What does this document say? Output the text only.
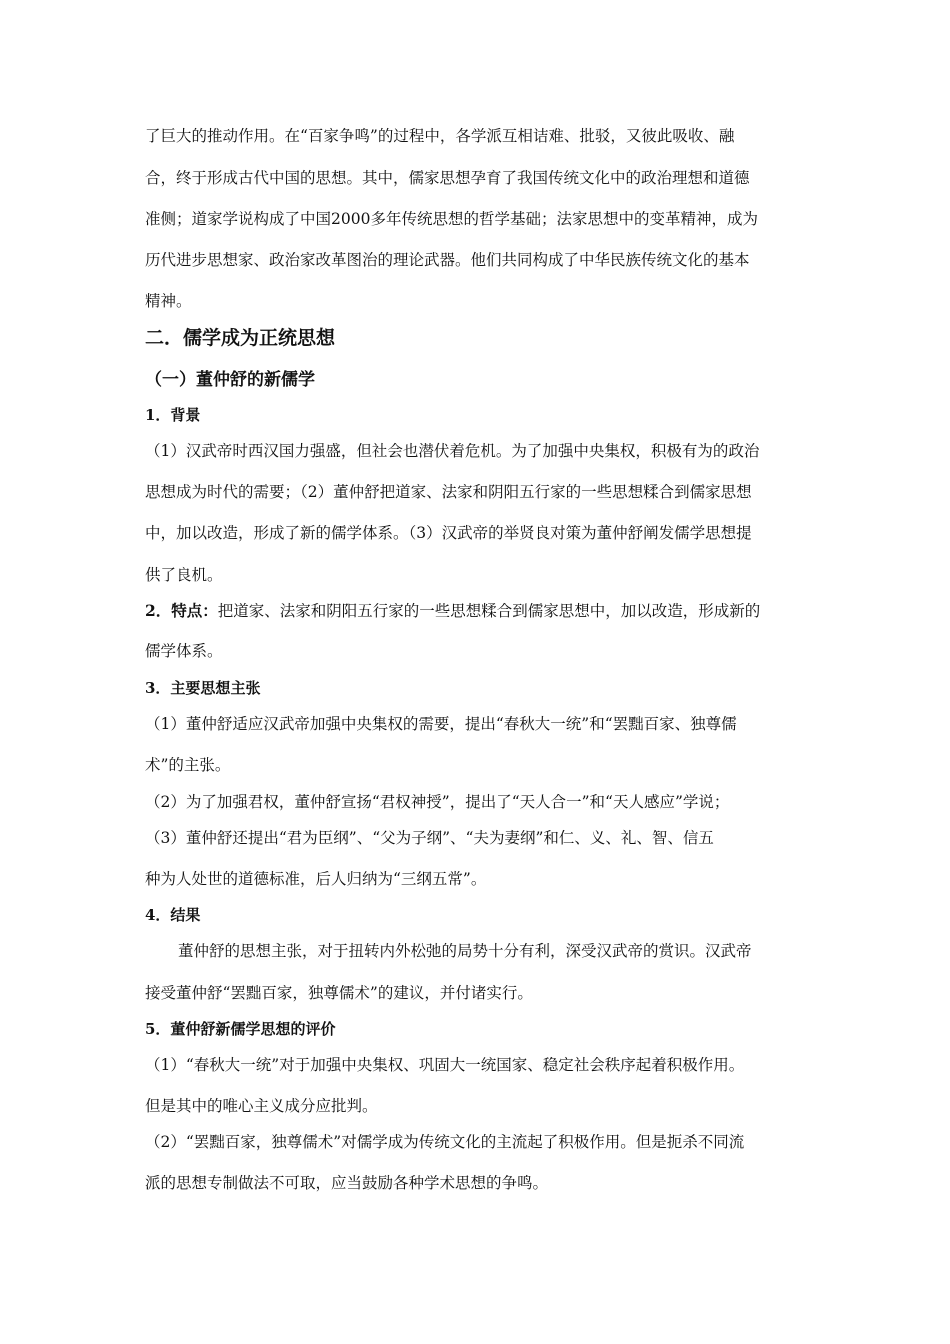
了巨大的推动作用。在“百家争鸣”的过程中，各学派互相诘难、批驳，又彼此吸收、融
合，终于形成古代中国的思想。其中，儒家思想孕育了我国传统文化中的政治理想和道德
准侧；道家学说构成了中国2000多年传统思想的哲学基础；法家思想中的变革精神，成为
历代进步思想家、政治家改革图治的理论武器。他们共同构成了中华民族传统文化的基本
精神。
二．儒学成为正统思想
（一）董仲舒的新儒学
1．背景
（1）汉武帝时西汉国力强盛，但社会也潜伏着危机。为了加强中央集权，积极有为的政治
思想成为时代的需要；（2）董仲舒把道家、法家和阴阳五行家的一些思想糅合到儒家思想
中，加以改造，形成了新的儒学体系。（3）汉武帝的举贤良对策为董仲舒阐发儒学思想提
供了良机。
2．特点：把道家、法家和阴阳五行家的一些思想糅合到儒家思想中，加以改造，形成新的
儒学体系。
3．主要思想主张
（1）董仲舒适应汉武帝加强中央集权的需要，提出“春秋大一统”和“罢黜百家、独尊儒
术”的主张。
（2）为了加强君权，董仲舒宣扬“君权神授”，提出了“天人合一”和“天人感应”学说；
（3）董仲舒还提出“君为臣纲”、“父为子纲”、“夫为妻纲”和仁、义、礼、智、信五
种为人处世的道德标准，后人归纳为“三纲五常”。
4．结果
董仲舒的思想主张，对于扭转内外松弛的局势十分有利，深受汉武帝的赏识。汉武帝
接受董仲舒“罢黜百家，独尊儒术”的建议，并付诸实行。
5．董仲舒新儒学思想的评价
（1）“春秋大一统”对于加强中央集权、巩固大一统国家、稳定社会秩序起着积极作用。
但是其中的唯心主义成分应批判。
（2）“罢黜百家，独尊儒术”对儒学成为传统文化的主流起了积极作用。但是扼杀不同流
派的思想专制做法不可取，应当鼓励各种学术思想的争鸣。
